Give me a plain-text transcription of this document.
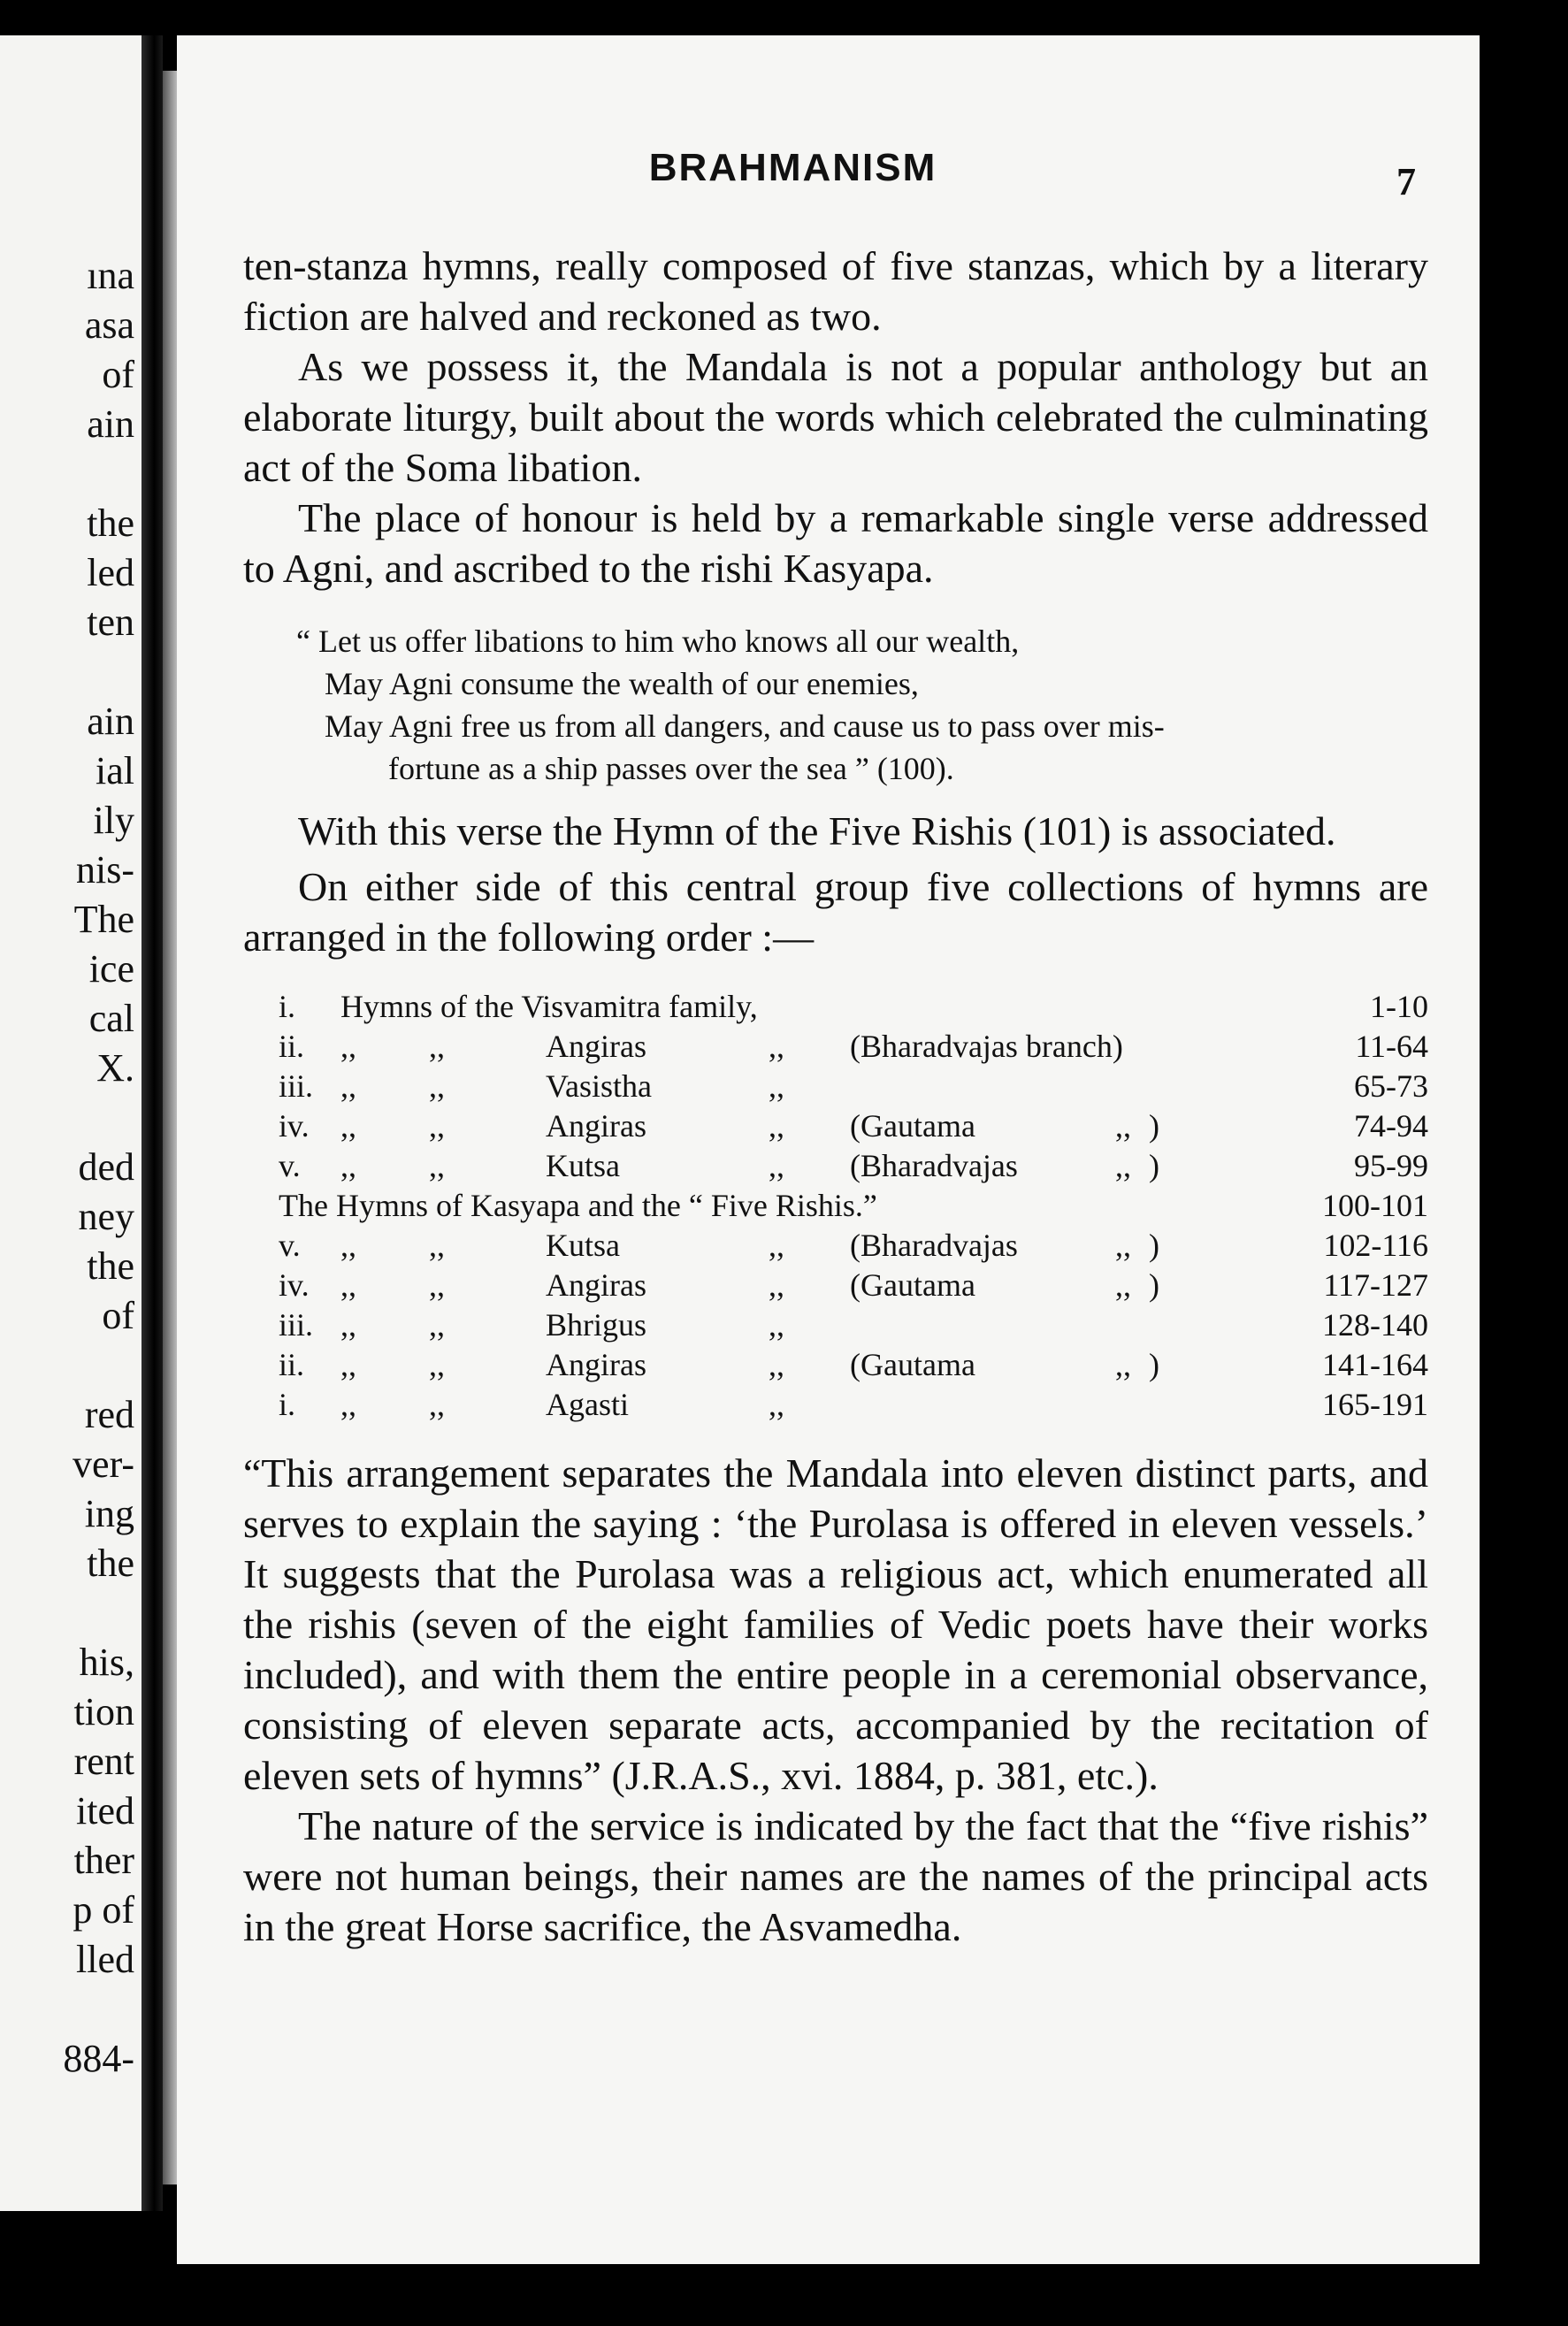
ına
asa
of
ain
the
led
ten
ain
ial
ily
nis-
The
ice
cal
X.
ded
ney
the
of
red
ver-
ing
the
his,
tion
rent
ited
ther
p of
lled
884-
BRAHMANISM	7

ten-stanza hymns, really composed of five stanzas, which by a literary fiction are halved and reckoned as two.

As we possess it, the Mandala is not a popular anthology but an elaborate liturgy, built about the words which celebrated the culminating act of the Soma libation.

The place of honour is held by a remarkable single verse addressed to Agni, and ascribed to the rishi Kasyapa.

“ Let us offer libations to him who knows all our wealth,
May Agni consume the wealth of our enemies,
May Agni free us from all dangers, and cause us to pass over mis-
fortune as a ship passes over the sea ” (100).

With this verse the Hymn of the Five Rishis (101) is associated.

On either side of this central group five collections of hymns are arranged in the following order :—

i.	Hymns of the Visvamitra family,	1-10
ii.	,,	,,	Angiras	,,	(Bharadvajas branch)	11-64
iii. ,,	,,	Vasistha	,,	65-73
iv. ,,	,,	Angiras	,,	(Gautama	,, )	74-94
v.	,,	,,	Kutsa	,,	(Bharadvajas	,, )	95-99
The Hymns of Kasyapa and the “ Five Rishis.”	100-101
v.	,,	,,	Kutsa	,,	(Bharadvajas	,, )	102-116
iv. ,,	,,	Angiras	,,	(Gautama	,, )	117-127
iii. ,,	,,	Bhrigus	,,	128-140
ii.	,,	,,	Angiras	,,	(Gautama	,, )	141-164
i.	,,	,,	Agasti	,,	165-191

“This arrangement separates the Mandala into eleven distinct parts, and serves to explain the saying : ‘the Purolasa is offered in eleven vessels.’ It suggests that the Purolasa was a religious act, which enumerated all the rishis (seven of the eight families of Vedic poets have their works included), and with them the entire people in a ceremonial observance, consisting of eleven separate acts, accompanied by the recitation of eleven sets of hymns” (J.R.A.S., xvi. 1884, p. 381, etc.).

The nature of the service is indicated by the fact that the “five rishis” were not human beings, their names are the names of the principal acts in the great Horse sacrifice, the Asvamedha.
